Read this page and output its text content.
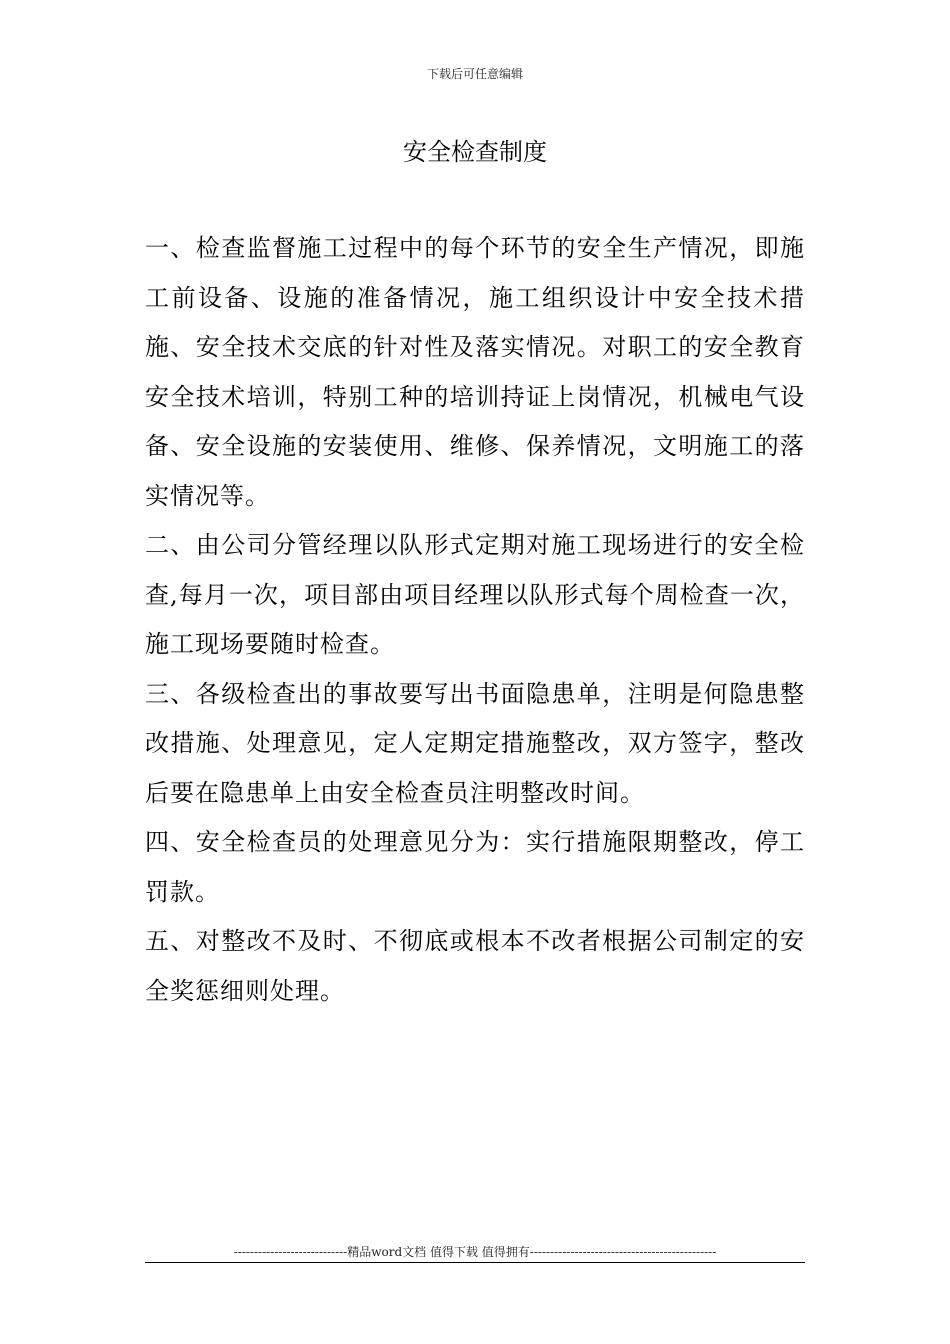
下载后可任意编辑
安全检查制度

一、检查监督施工过程中的每个环节的安全生产情况，即施工前设备、设施的准备情况，施工组织设计中安全技术措施、安全技术交底的针对性及落实情况。对职工的安全教育安全技术培训，特别工种的培训持证上岗情况，机械电气设备、安全设施的安装使用、维修、保养情况，文明施工的落实情况等。

二、由公司分管经理以队形式定期对施工现场进行的安全检查,每月一次，项目部由项目经理以队形式每个周检查一次，施工现场要随时检查。

三、各级检查出的事故要写出书面隐患单，注明是何隐患整改措施、处理意见，定人定期定措施整改，双方签字，整改后要在隐患单上由安全检查员注明整改时间。

四、安全检查员的处理意见分为：实行措施限期整改，停工罚款。

五、对整改不及时、不彻底或根本不改者根据公司制定的安全奖惩细则处理。

----------------------------精品word文档 值得下载 值得拥有----------------------------------------------
